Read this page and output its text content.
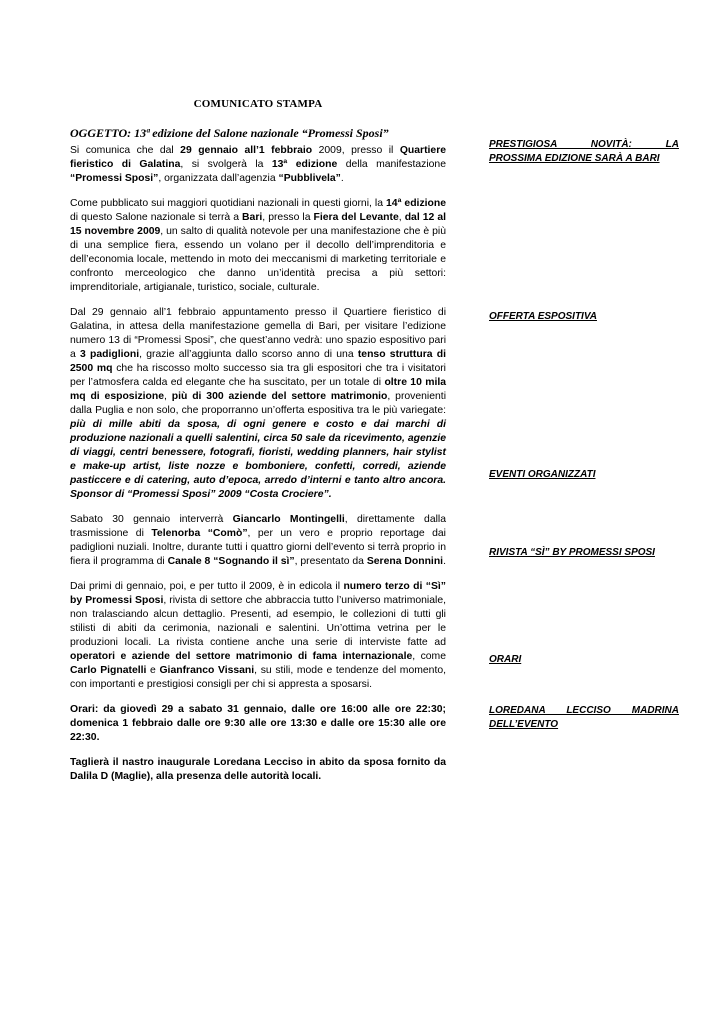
COMUNICATO STAMPA
OGGETTO: 13ª edizione del Salone nazionale “Promessi Sposi”

Si comunica che dal 29 gennaio all’1 febbraio 2009, presso il Quartiere fieristico di Galatina, si svolgerà la 13ª edizione della manifestazione “Promessi Sposi”, organizzata dall’agenzia “Pubblivela”.

Come pubblicato sui maggiori quotidiani nazionali in questi giorni, la 14ª edizione di questo Salone nazionale si terrà a Bari, presso la Fiera del Levante, dal 12 al 15 novembre 2009, un salto di qualità notevole per una manifestazione che è più di una semplice fiera, essendo un volano per il decollo dell’imprenditoria e dell’economia locale, mettendo in moto dei meccanismi di marketing territoriale e confronto merceologico che danno un’identità precisa a più settori: imprenditoriale, artigianale, turistico, sociale, culturale.

Dal 29 gennaio all’1 febbraio appuntamento presso il Quartiere fieristico di Galatina, in attesa della manifestazione gemella di Bari, per visitare l’edizione numero 13 di “Promessi Sposi”, che quest’anno vedrà: uno spazio espositivo pari a 3 padiglioni, grazie all’aggiunta dallo scorso anno di una tenso struttura di 2500 mq che ha riscosso molto successo sia tra gli espositori che tra i visitatori per l’atmosfera calda ed elegante che ha suscitato, per un totale di oltre 10 mila mq di esposizione, più di 300 aziende del settore matrimonio, provenienti dalla Puglia e non solo, che proporranno un’offerta espositiva tra le più variegate: più di mille abiti da sposa, di ogni genere e costo e dai marchi di produzione nazionali a quelli salentini, circa 50 sale da ricevimento, agenzie di viaggi, centri benessere, fotografi, fioristi, wedding planners, hair stylist e make-up artist, liste nozze e bomboniere, confetti, corredi, aziende pasticcere e di catering, auto d’epoca, arredo d’interni e tanto altro ancora. Sponsor di “Promessi Sposi” 2009 “Costa Crociere”.

Sabato 30 gennaio interverrà Giancarlo Montingelli, direttamente dalla trasmissione di Telenorba “Comò”, per un vero e proprio reportage dai padiglioni nuziali. Inoltre, durante tutti i quattro giorni dell’evento si terrà proprio in fiera il programma di Canale 8 “Sognando il sì”, presentato da Serena Donnini.

Dai primi di gennaio, poi, e per tutto il 2009, è in edicola il numero terzo di “Sì” by Promessi Sposi, rivista di settore che abbraccia tutto l’universo matrimoniale, non tralasciando alcun dettaglio. Presenti, ad esempio, le collezioni di tutti gli stilisti di abiti da cerimonia, nazionali e salentini. Un’ottima vetrina per le produzioni locali. La rivista contiene anche una serie di interviste fatte ad operatori e aziende del settore matrimonio di fama internazionale, come Carlo Pignatelli e Gianfranco Vissani, su stili, mode e tendenze del momento, con importanti e prestigiosi consigli per chi si appresta a sposarsi.

Orari: da giovedì 29 a sabato 31 gennaio, dalle ore 16:00 alle ore 22:30; domenica 1 febbraio dalle ore 9:30 alle ore 13:30 e dalle ore 15:30 alle ore 22:30.

Taglierà il nastro inaugurale Loredana Lecciso in abito da sposa fornito da Dalila D (Maglie), alla presenza delle autorità locali.

PRESTIGIOSA NOVITÀ: LA
PROSSIMA EDIZIONE SARÀ A BARI
OFFERTA ESPOSITIVA
EVENTI ORGANIZZATI
RIVISTA “SÌ” BY PROMESSI SPOSI
ORARI
LOREDANA LECCISO MADRINA
DELL’EVENTO
